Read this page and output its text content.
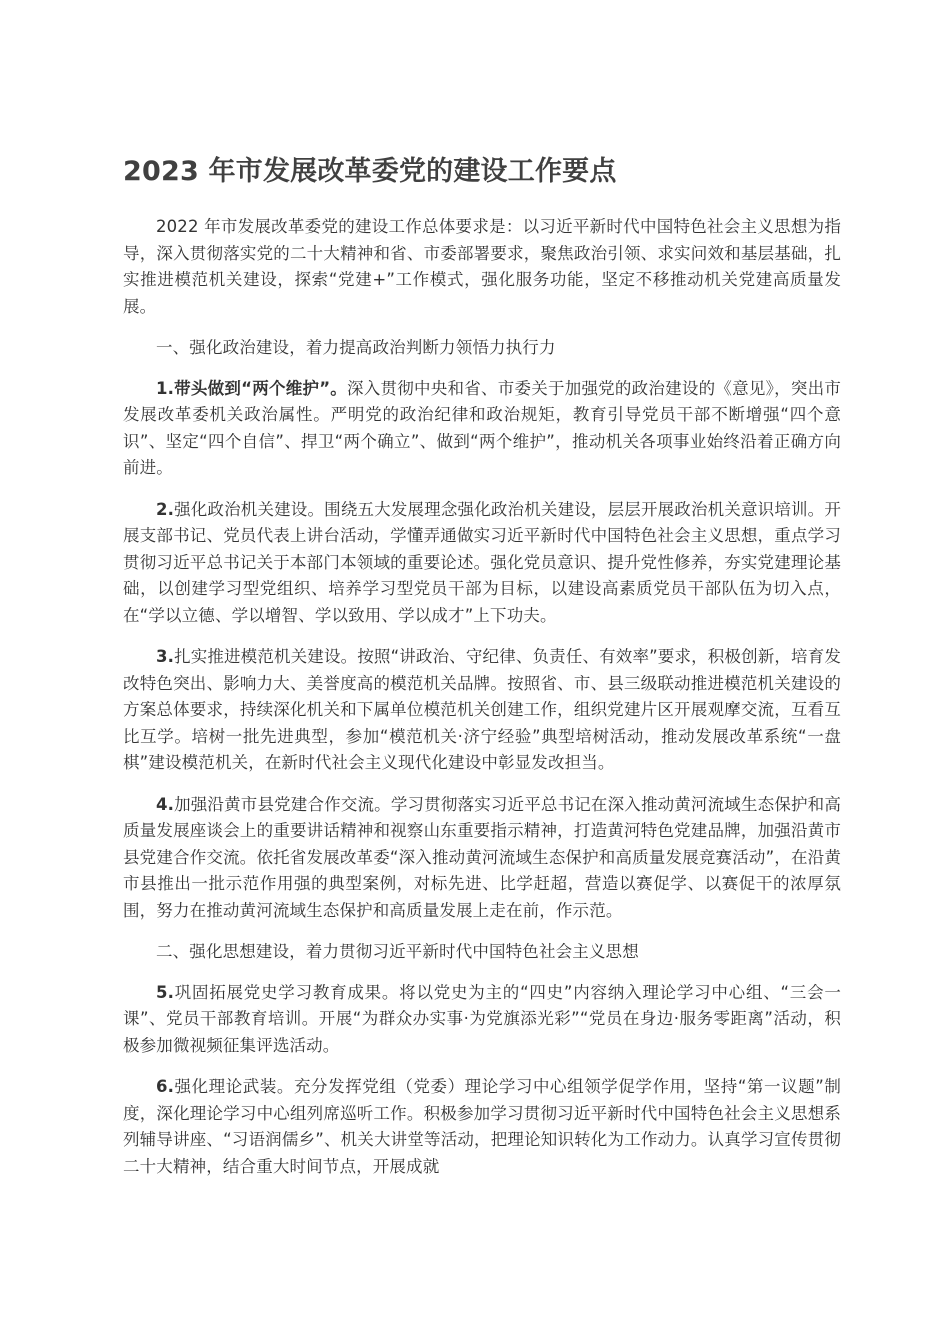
2023 年市发展改革委党的建设工作要点

2022 年市发展改革委党的建设工作总体要求是：以习近平新时代中国特色社会主义思想为指导，深入贯彻落实党的二十大精神和省、市委部署要求，聚焦政治引领、求实问效和基层基础，扎实推进模范机关建设，探索“党建+”工作模式，强化服务功能，坚定不移推动机关党建高质量发展。

一、强化政治建设，着力提高政治判断力领悟力执行力

1.带头做到“两个维护”。深入贯彻中央和省、市委关于加强党的政治建设的《意见》，突出市发展改革委机关政治属性。严明党的政治纪律和政治规矩，教育引导党员干部不断增强“四个意识”、坚定“四个自信”、捍卫“两个确立”、做到“两个维护”，推动机关各项事业始终沿着正确方向前进。

2.强化政治机关建设。围绕五大发展理念强化政治机关建设，层层开展政治机关意识培训。开展支部书记、党员代表上讲台活动，学懂弄通做实习近平新时代中国特色社会主义思想，重点学习贯彻习近平总书记关于本部门本领域的重要论述。强化党员意识、提升党性修养，夯实党建理论基础，以创建学习型党组织、培养学习型党员干部为目标，以建设高素质党员干部队伍为切入点，在“学以立德、学以增智、学以致用、学以成才”上下功夫。

3.扎实推进模范机关建设。按照“讲政治、守纪律、负责任、有效率”要求，积极创新，培育发改特色突出、影响力大、美誉度高的模范机关品牌。按照省、市、县三级联动推进模范机关建设的方案总体要求，持续深化机关和下属单位模范机关创建工作，组织党建片区开展观摩交流，互看互比互学。培树一批先进典型，参加“模范机关·济宁经验”典型培树活动，推动发展改革系统“一盘棋”建设模范机关，在新时代社会主义现代化建设中彰显发改担当。

4.加强沿黄市县党建合作交流。学习贯彻落实习近平总书记在深入推动黄河流域生态保护和高质量发展座谈会上的重要讲话精神和视察山东重要指示精神，打造黄河特色党建品牌，加强沿黄市县党建合作交流。依托省发展改革委“深入推动黄河流域生态保护和高质量发展竞赛活动”，在沿黄市县推出一批示范作用强的典型案例，对标先进、比学赶超，营造以赛促学、以赛促干的浓厚氛围，努力在推动黄河流域生态保护和高质量发展上走在前，作示范。

二、强化思想建设，着力贯彻习近平新时代中国特色社会主义思想

5.巩固拓展党史学习教育成果。将以党史为主的“四史”内容纳入理论学习中心组、“三会一课”、党员干部教育培训。开展“为群众办实事·为党旗添光彩”“党员在身边·服务零距离”活动，积极参加微视频征集评选活动。

6.强化理论武装。充分发挥党组（党委）理论学习中心组领学促学作用，坚持“第一议题”制度，深化理论学习中心组列席巡听工作。积极参加学习贯彻习近平新时代中国特色社会主义思想系列辅导讲座、“习语润儒乡”、机关大讲堂等活动，把理论知识转化为工作动力。认真学习宣传贯彻二十大精神，结合重大时间节点，开展成就
